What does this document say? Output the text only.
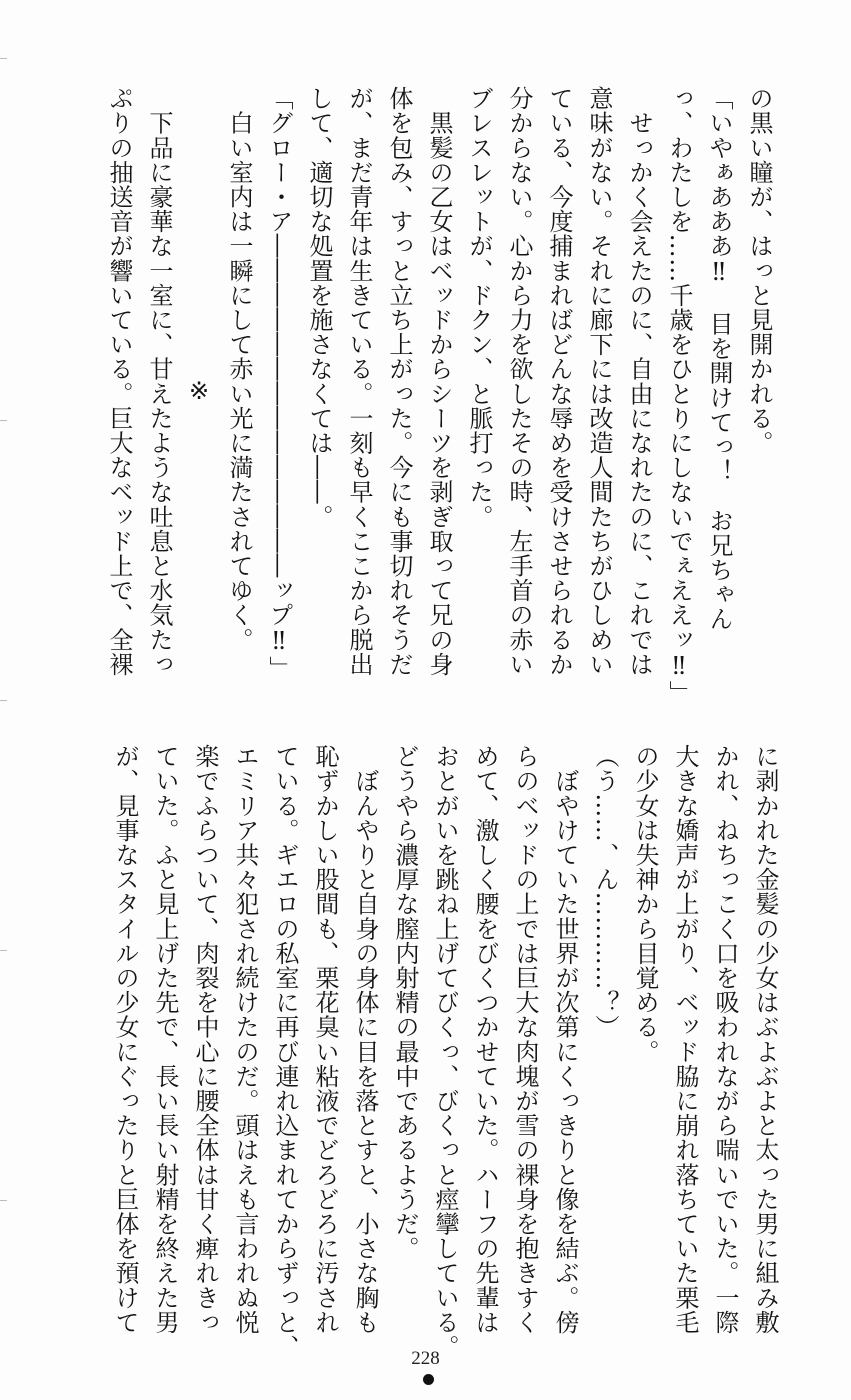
の黒い瞳が、はっと見開かれる。
「いやぁあああ‼　目を開けてっ！　お兄ちゃん
っ、わたしを……千歳をひとりにしないでぇええッ‼」
　せっかく会えたのに、自由になれたのに、これでは
意味がない。それに廊下には改造人間たちがひしめい
ている、今度捕まればどんな辱めを受けさせられるか
分からない。心から力を欲したその時、左手首の赤い
ブレスレットが、ドクン、と脈打った。
　黒髪の乙女はベッドからシーツを剥ぎ取って兄の身
体を包み、すっと立ち上がった。今にも事切れそうだ
が、まだ青年は生きている。一刻も早くここから脱出
して、適切な処置を施さなくては――。
「グロー・ア――――――――――――――ップ‼」
　白い室内は一瞬にして赤い光に満たされてゆく。
※
　下品に豪華な一室に、甘えたような吐息と水気たっ
ぷりの抽送音が響いている。巨大なベッド上で、全裸
に剥かれた金髪の少女はぶよぶよと太った男に組み敷
かれ、ねちっこく口を吸われながら喘いでいた。一際
大きな嬌声が上がり、ベッド脇に崩れ落ちていた栗毛
の少女は失神から目覚める。
（う……、ん…………？）
　ぼやけていた世界が次第にくっきりと像を結ぶ。傍
らのベッドの上では巨大な肉塊が雪の裸身を抱きすく
めて、激しく腰をびくつかせていた。ハーフの先輩は
おとがいを跳ね上げてびくっ、びくっと痙攣している。
どうやら濃厚な膣内射精の最中であるようだ。
　ぼんやりと自身の身体に目を落とすと、小さな胸も
恥ずかしい股間も、栗花臭い粘液でどろどろに汚され
ている。ギエロの私室に再び連れ込まれてからずっと、
エミリア共々犯され続けたのだ。頭はえも言われぬ悦
楽でふらついて、肉裂を中心に腰全体は甘く痺れきっ
ていた。ふと見上げた先で、長い長い射精を終えた男
が、見事なスタイルの少女にぐったりと巨体を預けて
228
